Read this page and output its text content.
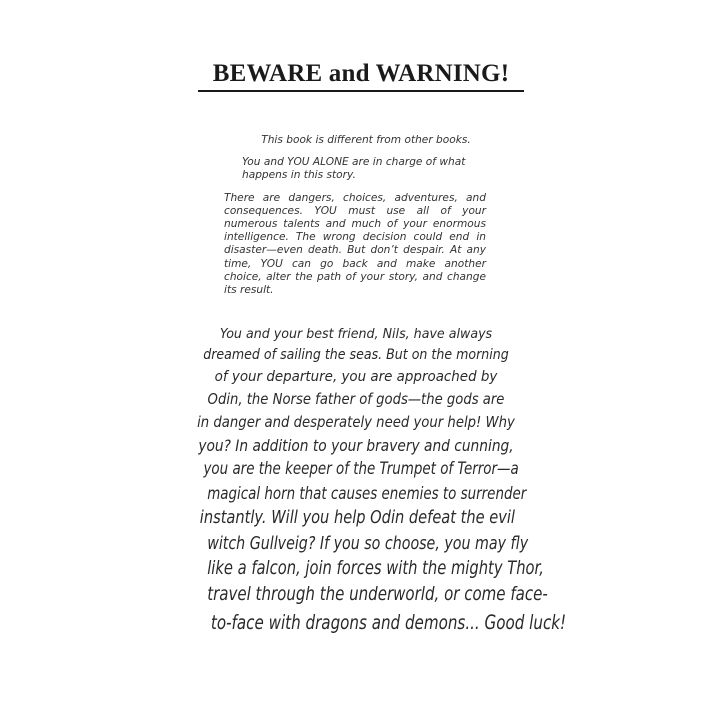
BEWARE and WARNING!

This book is different from other books.

You and YOU ALONE are in charge of what happens in this story.

There are dangers, choices, adventures, and consequences. YOU must use all of your numerous talents and much of your enormous intelligence. The wrong decision could end in disaster—even death. But don’t despair. At any time, YOU can go back and make another choice, alter the path of your story, and change its result.

You and your best friend, Nils, have always
dreamed of sailing the seas. But on the morning
of your departure, you are approached by
Odin, the Norse father of gods—the gods are
in danger and desperately need your help! Why
you? In addition to your bravery and cunning,
you are the keeper of the Trumpet of Terror—a
magical horn that causes enemies to surrender
instantly. Will you help Odin defeat the evil
witch Gullveig? If you so choose, you may fly
like a falcon, join forces with the mighty Thor,
travel through the underworld, or come face-
to-face with dragons and demons... Good luck!
